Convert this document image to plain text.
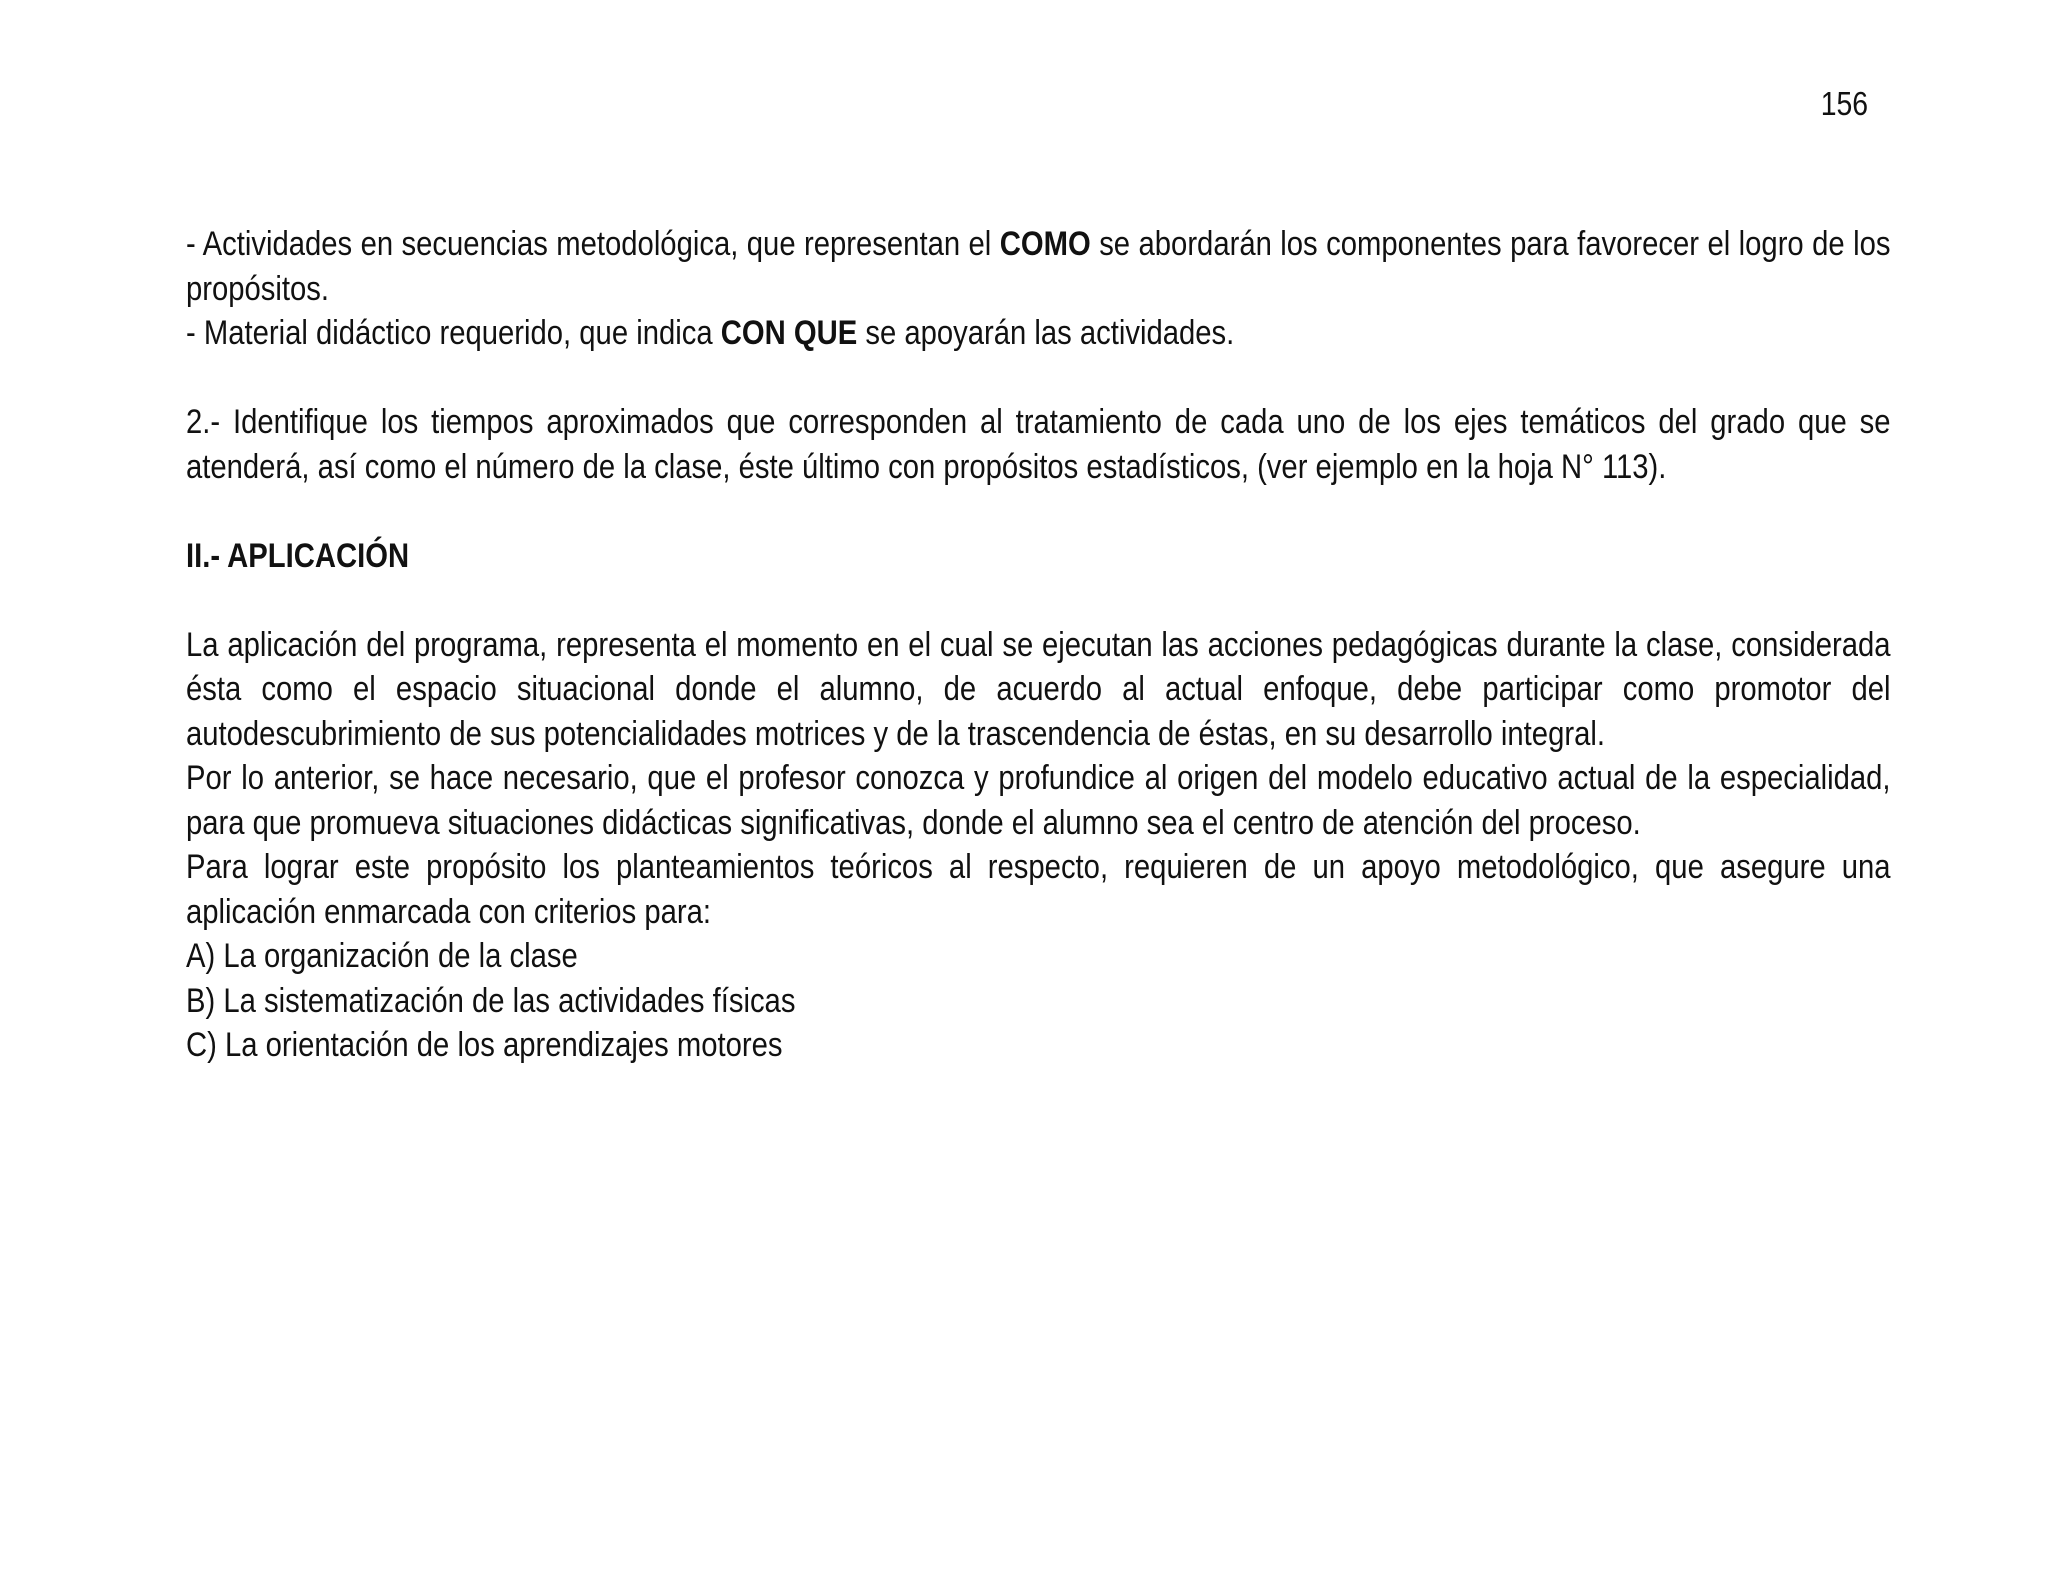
156

- Actividades en secuencias metodológica, que representan el COMO se abordarán los componentes para favorecer el logro de los propósitos.

- Material didáctico requerido, que indica CON QUE se apoyarán las actividades.

2.- Identifique los tiempos aproximados que corresponden al tratamiento de cada uno de los ejes temáticos del grado que se atenderá, así como el número de la clase, éste último con propósitos estadísticos, (ver ejemplo en la hoja N° 113).

II.- APLICACIÓN

La aplicación del programa, representa el momento en el cual se ejecutan las acciones pedagógicas durante la clase, considerada ésta como el espacio situacional donde el alumno, de acuerdo al actual enfoque, debe participar como promotor del autodescubrimiento de sus potencialidades motrices y de la trascendencia de éstas, en su desarrollo integral.

Por lo anterior, se hace necesario, que el profesor conozca y profundice al origen del modelo educativo actual de la especialidad, para que promueva situaciones didácticas significativas, donde el alumno sea el centro de atención del proceso.

Para lograr este propósito los planteamientos teóricos al respecto, requieren de un apoyo metodológico, que asegure una aplicación enmarcada con criterios para:

A) La organización de la clase

B) La sistematización de las actividades físicas

C) La orientación de los aprendizajes motores
